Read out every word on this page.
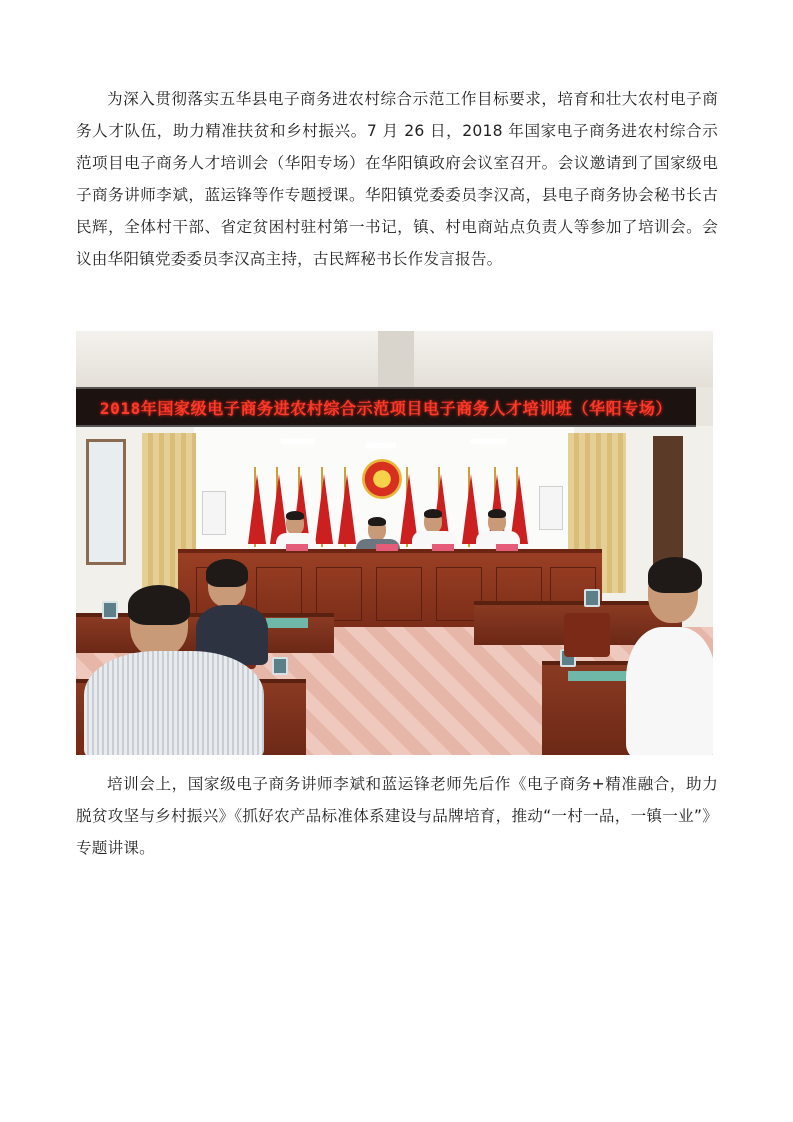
为深入贯彻落实五华县电子商务进农村综合示范工作目标要求，培育和壮大农村电子商务人才队伍，助力精准扶贫和乡村振兴。7 月 26 日，2018 年国家电子商务进农村综合示范项目电子商务人才培训会（华阳专场）在华阳镇政府会议室召开。会议邀请到了国家级电子商务讲师李斌，蓝运锋等作专题授课。华阳镇党委委员李汉高，县电子商务协会秘书长古民辉，全体村干部、省定贫困村驻村第一书记，镇、村电商站点负责人等参加了培训会。会议由华阳镇党委委员李汉高主持，古民辉秘书长作发言报告。

2018年国家级电子商务进农村综合示范项目电子商务人才培训班（华阳专场）

培训会上，国家级电子商务讲师李斌和蓝运锋老师先后作《电子商务+精准融合，助力脱贫攻坚与乡村振兴》《抓好农产品标准体系建设与品牌培育，推动“一村一品，一镇一业”》专题讲课。
